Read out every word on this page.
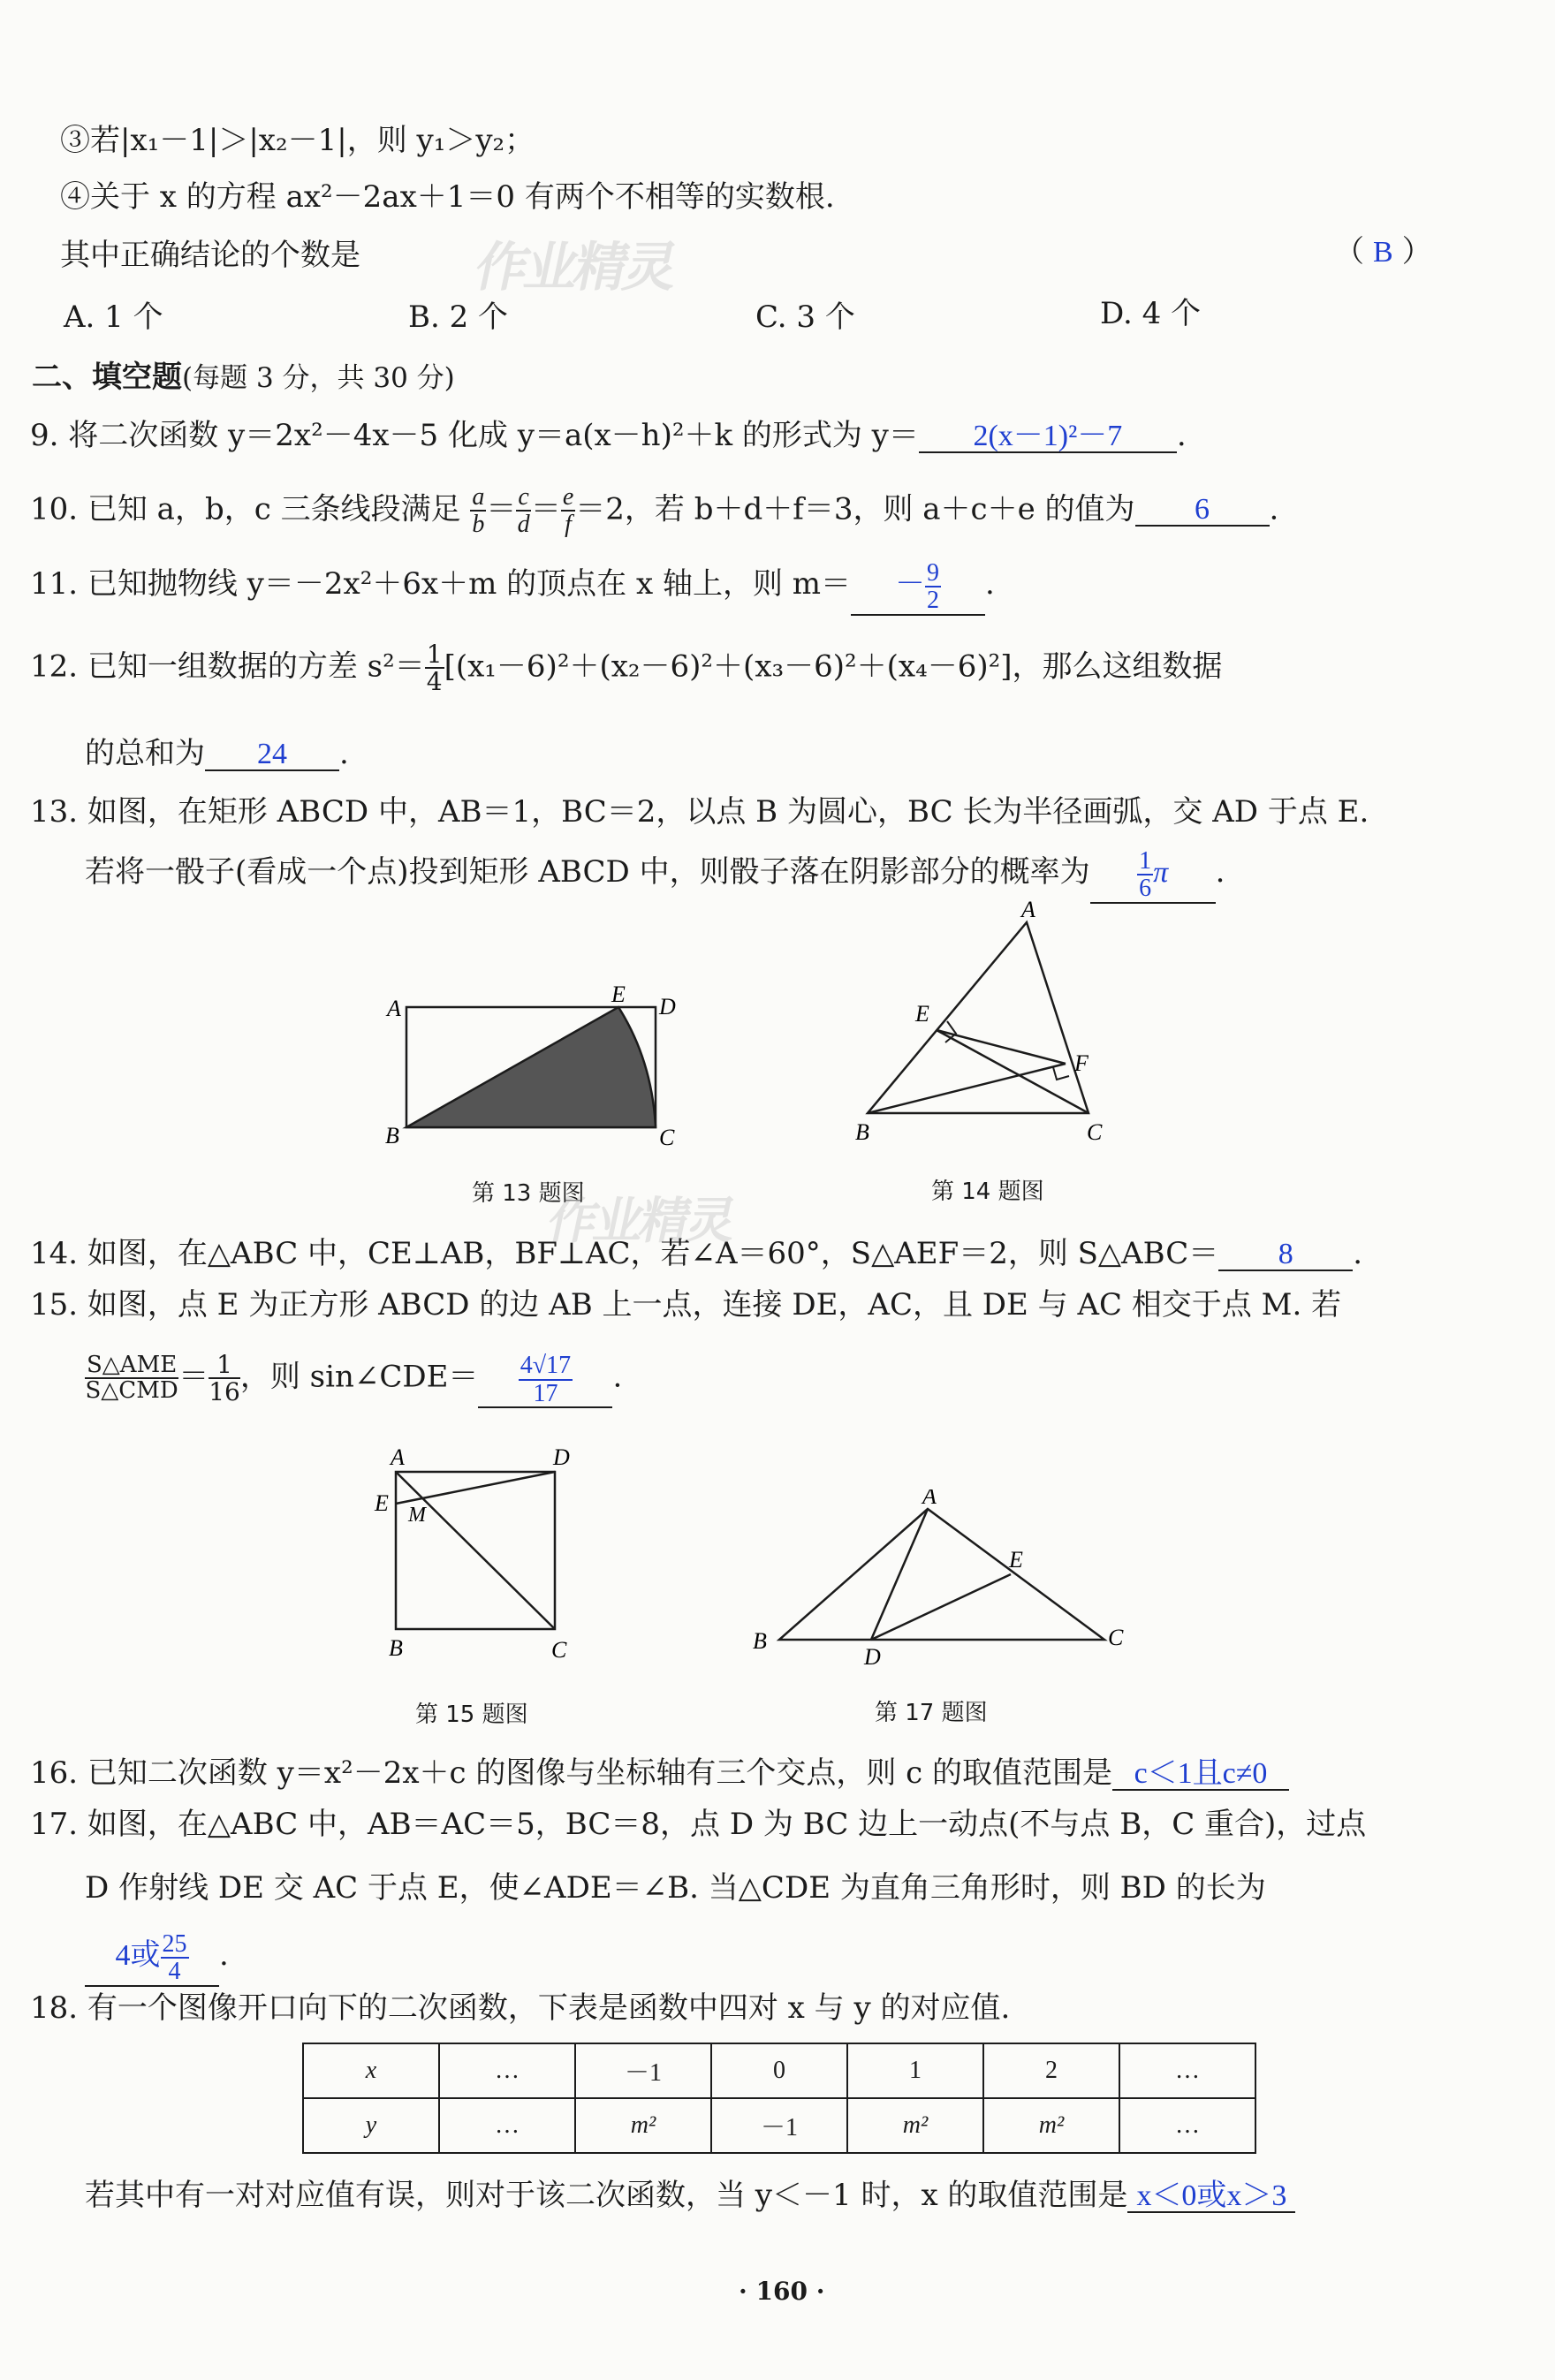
③若|x₁－1|＞|x₂－1|，则 y₁＞y₂；
④关于 x 的方程 ax²－2ax＋1＝0 有两个不相等的实数根.
其中正确结论的个数是 作业精灵	（ B ）
A. 1 个	B. 2 个	C. 3 个	D. 4 个
二、填空题(每题 3 分，共 30 分)
9. 将二次函数 y＝2x²－4x－5 化成 y＝a(x－h)²＋k 的形式为 y＝ 2(x－1)²－7 .
10. 已知 a，b，c 三条线段满足 $\frac{a}{b} = \frac{c}{d} = \frac{e}{f} =2$，若 b＋d＋f＝3，则 a＋c＋e 的值为 6 .
11. 已知抛物线 y＝－2x²＋6x＋m 的顶点在 x 轴上，则 $m= - \frac{9}{2}$ .
12. 已知一组数据的方差 $s^2= \frac{1}{4} [(x_1-6)^2+(x_2-6)^2+(x_3-6)^2+(x_4-6)^2]$，那么这组数据
的总和为 24 .
13. 如图，在矩形 ABCD 中，AB＝1，BC＝2，以点 B 为圆心，BC 长为半径画弧，交 AD 于点 E.
若将一骰子(看成一个点)投到矩形 ABCD 中，则骰子落在阴影部分的概率为 $\frac{1}{6}$ π .
A
B	C
D
E
第 13 题图
作业精灵
A
B	C
E
F
第 14 题图
14. 如图，在△ABC 中，CE⊥AB，BF⊥AC，若∠A＝60°，S△AEF＝2，则 S△ABC＝ 8 .
15. 如图，点 E 为正方形 ABCD 的边 AB 上一点，连接 DE，AC，且 DE 与 AC 相交于点 M. 若
$\frac{\text{S△AME}}{\text{S△CMD}} = \frac{1}{16}$ ，则 sin∠CDE＝ $\frac{4√17}{17}$ .
A
B	C
D
E M
第 15 题图
A
B	C
D
E
第 17 题图
16. 已知二次函数 y＝x²－2x＋c 的图像与坐标轴有三个交点，则 c 的取值范围是 c＜1且c≠0
17. 如图，在△ABC 中，AB＝AC＝5，BC＝8，点 D 为 BC 边上一动点(不与点 B，C 重合)，过点
D 作射线 DE 交 AC 于点 E，使∠ADE＝∠B. 当△CDE 为直角三角形时，则 BD 的长为
4或 $\frac{25}{4}$ .
18. 有一个图像开口向下的二次函数，下表是函数中四对 x 与 y 的对应值.
x	…	－1	0	1	2	…
y	…	m²	－1	m²	m²	…
若其中有一对对应值有误，则对于该二次函数，当 y＜－1 时，x 的取值范围是 x＜0或x＞3
· 160 ·
